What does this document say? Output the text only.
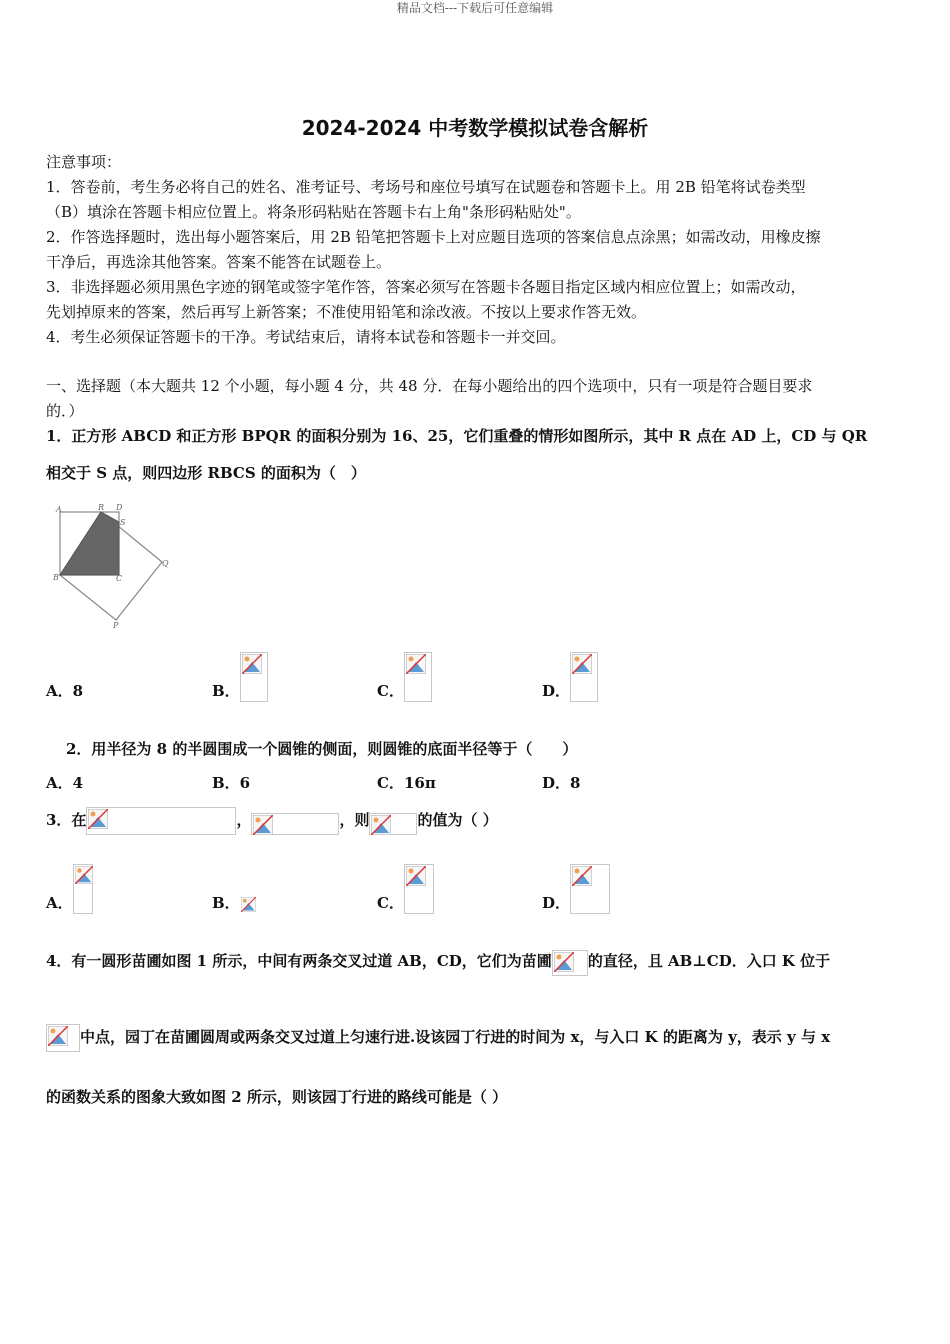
精品文档---下载后可任意编辑
2024-2024 中考数学模拟试卷含解析
注意事项：
1．答卷前，考生务必将自己的姓名、准考证号、考场号和座位号填写在试题卷和答题卡上。用 2B 铅笔将试卷类型
（B）填涂在答题卡相应位置上。将条形码粘贴在答题卡右上角"条形码粘贴处"。
2．作答选择题时，选出每小题答案后，用 2B 铅笔把答题卡上对应题目选项的答案信息点涂黑；如需改动，用橡皮擦
干净后，再选涂其他答案。答案不能答在试题卷上。
3．非选择题必须用黑色字迹的钢笔或签字笔作答，答案必须写在答题卡各题目指定区域内相应位置上；如需改动，
先划掉原来的答案，然后再写上新答案；不准使用铅笔和涂改液。不按以上要求作答无效。
4．考生必须保证答题卡的干净。考试结束后，请将本试卷和答题卡一并交回。
一、选择题（本大题共 12 个小题，每小题 4 分，共 48 分．在每小题给出的四个选项中，只有一项是符合题目要求
的．）
1．正方形 ABCD 和正方形 BPQR 的面积分别为 16、25，它们重叠的情形如图所示，其中 R 点在 AD 上，CD 与 QR
相交于 S 点，则四边形 RBCS 的面积为（　）
A	R D
S
B	C
Q
P
A．8	B．	C．	D．
2．用半径为 8 的半圆围成一个圆锥的侧面，则圆锥的底面半径等于（　　）
A．4	B．6	C．16π	D．8
3．在	，	，则	的值为（ ）
A．	B．	C．	D．
4．有一圆形苗圃如图 1 所示，中间有两条交叉过道 AB，CD，它们为苗圃 的直径，且 AB⊥CD．入口 K 位于
中点，园丁在苗圃圆周或两条交叉过道上匀速行进.设该园丁行进的时间为 x，与入口 K 的距离为 y，表示 y 与 x
的函数关系的图象大致如图 2 所示，则该园丁行进的路线可能是（ ）
